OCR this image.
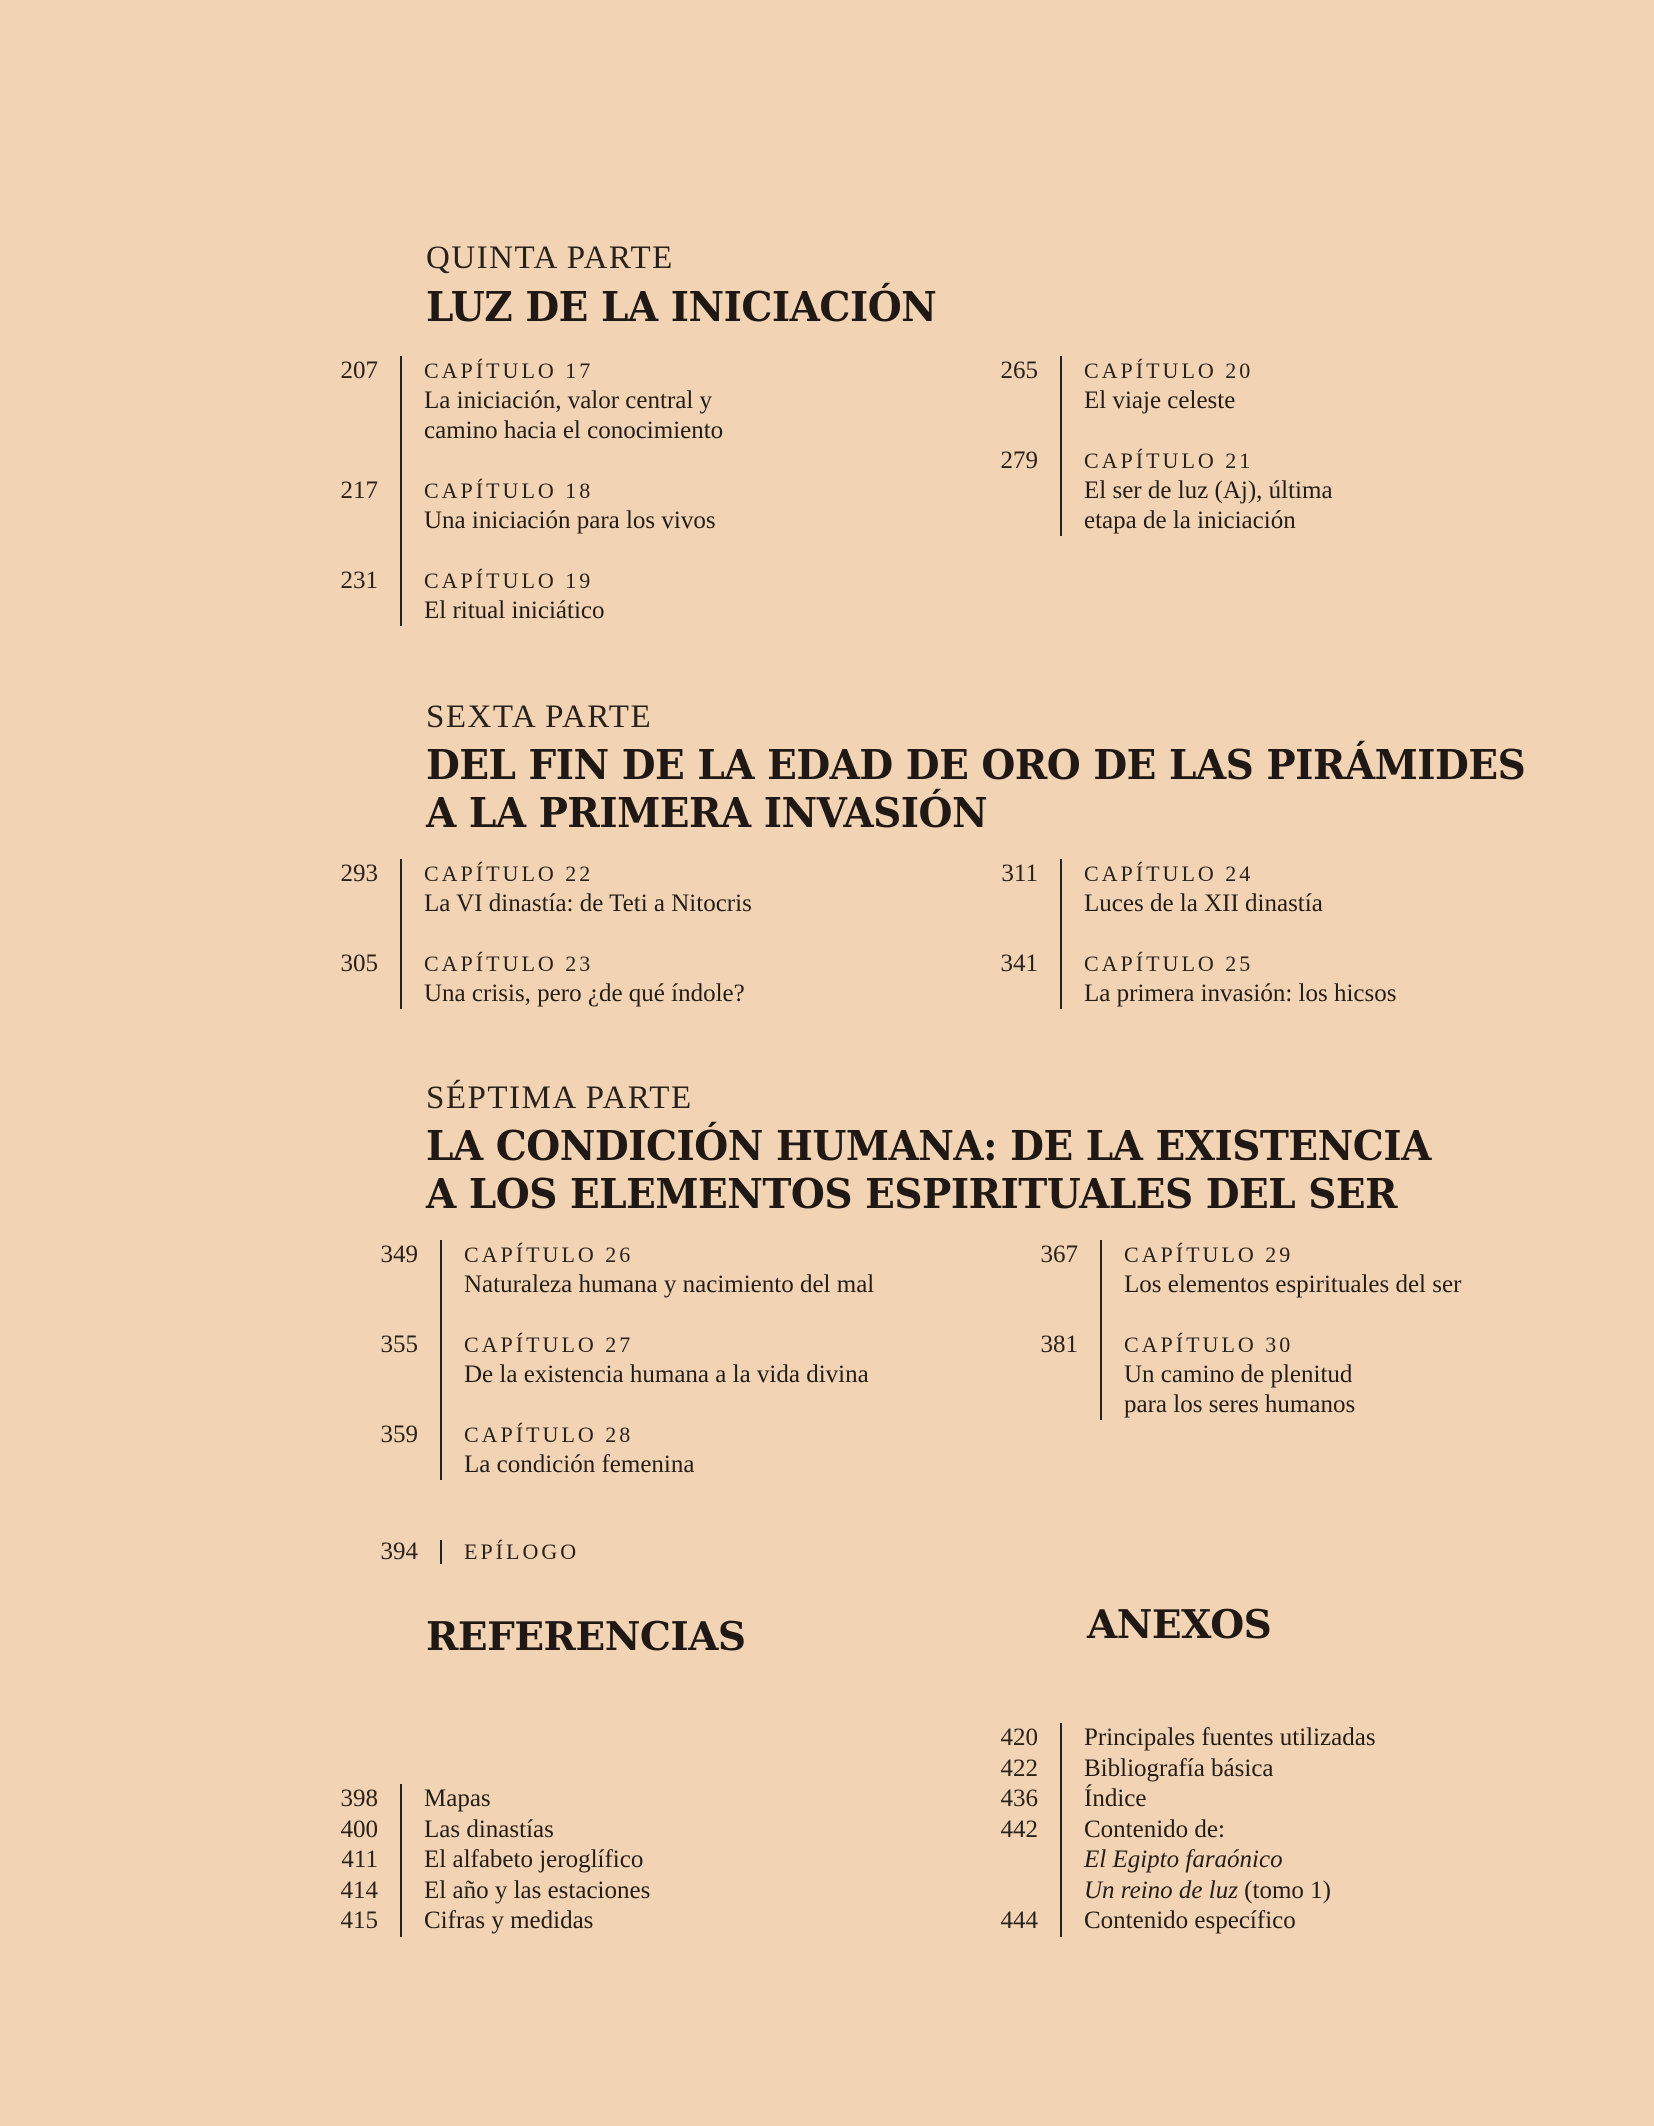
QUINTA PARTE
LUZ DE LA INICIACIÓN
207	CAPÍTULO 17
La iniciación, valor central y
camino hacia el conocimiento
217	CAPÍTULO 18
Una iniciación para los vivos
231	CAPÍTULO 19
El ritual iniciático
265	CAPÍTULO 20
El viaje celeste
279	CAPÍTULO 21
El ser de luz (Aj), última
etapa de la iniciación
SEXTA PARTE
DEL FIN DE LA EDAD DE ORO DE LAS PIRÁMIDES
A LA PRIMERA INVASIÓN
293	CAPÍTULO 22
La VI dinastía: de Teti a Nitocris
305	CAPÍTULO 23
Una crisis, pero ¿de qué índole?
311	CAPÍTULO 24
Luces de la XII dinastía
341	CAPÍTULO 25
La primera invasión: los hicsos
SÉPTIMA PARTE
LA CONDICIÓN HUMANA: DE LA EXISTENCIA
A LOS ELEMENTOS ESPIRITUALES DEL SER
349	CAPÍTULO 26
Naturaleza humana y nacimiento del mal
355	CAPÍTULO 27
De la existencia humana a la vida divina
359	CAPÍTULO 28
La condición femenina
367	CAPÍTULO 29
Los elementos espirituales del ser
381	CAPÍTULO 30
Un camino de plenitud
para los seres humanos
394	EPÍLOGO
REFERENCIAS	ANEXOS
398	Mapas
400	Las dinastías
411	El alfabeto jeroglífico
414	El año y las estaciones
415	Cifras y medidas
420	Principales fuentes utilizadas
422	Bibliografía básica
436	Índice
442	Contenido de:
El Egipto faraónico
Un reino de luz (tomo 1)
444	Contenido específico
